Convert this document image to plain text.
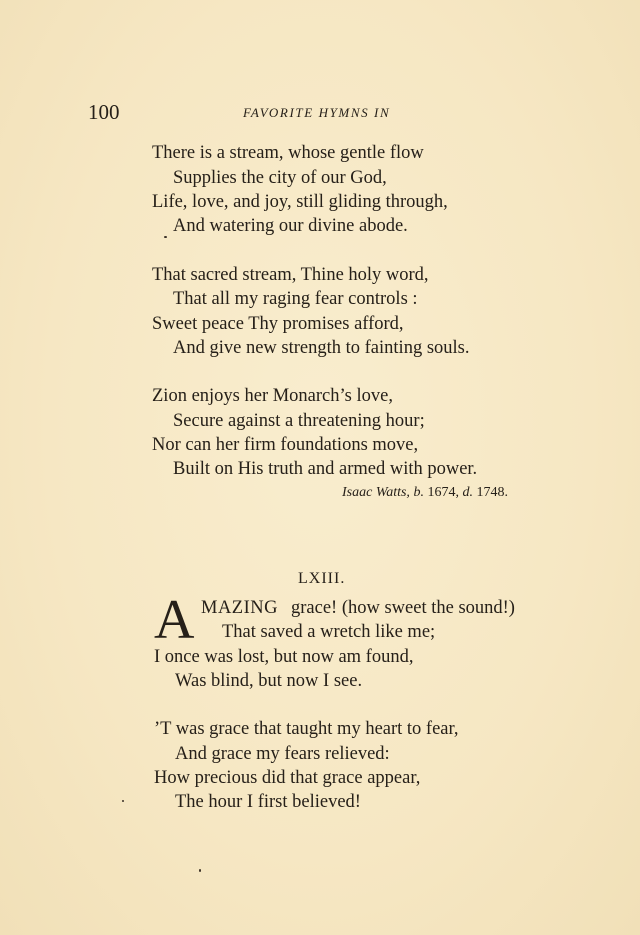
100	FAVORITE HYMNS IN
There is a stream, whose gentle flow
Supplies the city of our God,
Life, love, and joy, still gliding through,
And watering our divine abode.
That sacred stream, Thine holy word,
That all my raging fear controls :
Sweet peace Thy promises afford,
And give new strength to fainting souls.
Zion enjoys her Monarch’s love,
Secure against a threatening hour;
Nor can her firm foundations move,
Built on His truth and armed with power.
Isaac Watts, b. 1674, d. 1748.
LXIII.
A MAZING grace! (how sweet the sound!)
That saved a wretch like me;
I once was lost, but now am found,
Was blind, but now I see.
’T was grace that taught my heart to fear,
And grace my fears relieved:
How precious did that grace appear,
The hour I first believed!
